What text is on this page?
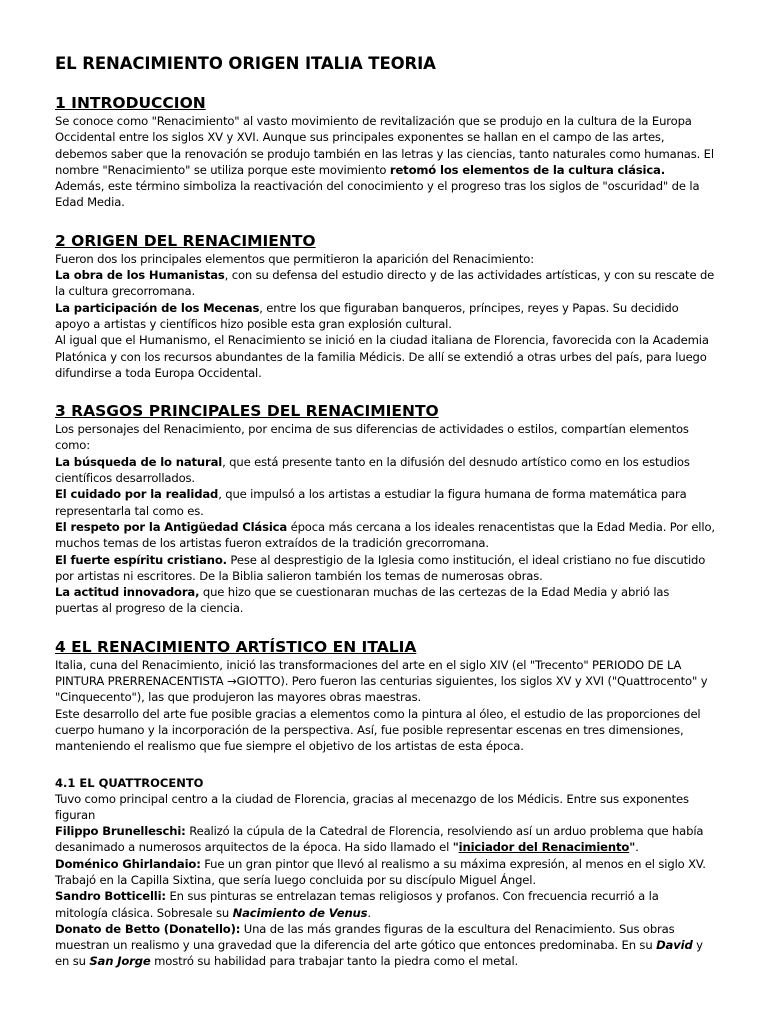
EL RENACIMIENTO ORIGEN ITALIA TEORIA
1 INTRODUCCION

Se conoce como "Renacimiento" al vasto movimiento de revitalización que se produjo en la cultura de la Europa Occidental entre los siglos XV y XVI. Aunque sus principales exponentes se hallan en el campo de las artes, debemos saber que la renovación se produjo también en las letras y las ciencias, tanto naturales como humanas. El nombre "Renacimiento" se utiliza porque este movimiento retomó los elementos de la cultura clásica.

Además, este término simboliza la reactivación del conocimiento y el progreso tras los siglos de "oscuridad" de la Edad Media.

2 ORIGEN DEL RENACIMIENTO

Fueron dos los principales elementos que permitieron la aparición del Renacimiento:

La obra de los Humanistas, con su defensa del estudio directo y de las actividades artísticas, y con su rescate de la cultura grecorromana.

La participación de los Mecenas, entre los que figuraban banqueros, príncipes, reyes y Papas. Su decidido apoyo a artistas y científicos hizo posible esta gran explosión cultural.

Al igual que el Humanismo, el Renacimiento se inició en la ciudad italiana de Florencia, favorecida con la Academia Platónica y con los recursos abundantes de la familia Médicis. De allí se extendió a otras urbes del país, para luego difundirse a toda Europa Occidental.

3 RASGOS PRINCIPALES DEL RENACIMIENTO

Los personajes del Renacimiento, por encima de sus diferencias de actividades o estilos, compartían elementos como:

La búsqueda de lo natural, que está presente tanto en la difusión del desnudo artístico como en los estudios científicos desarrollados.

El cuidado por la realidad, que impulsó a los artistas a estudiar la figura humana de forma matemática para representarla tal como es.

El respeto por la Antigüedad Clásica época más cercana a los ideales renacentistas que la Edad Media. Por ello, muchos temas de los artistas fueron extraídos de la tradición grecorromana.

El fuerte espíritu cristiano. Pese al desprestigio de la Iglesia como institución, el ideal cristiano no fue discutido por artistas ni escritores. De la Biblia salieron también los temas de numerosas obras.

La actitud innovadora, que hizo que se cuestionaran muchas de las certezas de la Edad Media y abrió las puertas al progreso de la ciencia.

4 EL RENACIMIENTO ARTÍSTICO EN ITALIA

Italia, cuna del Renacimiento, inició las transformaciones del arte en el siglo XIV (el "Trecento" PERIODO DE LA PINTURA PRERRENACENTISTA →GIOTTO). Pero fueron las centurias siguientes, los siglos XV y XVI ("Quattrocento" y "Cinquecento"), las que produjeron las mayores obras maestras.

Este desarrollo del arte fue posible gracias a elementos como la pintura al óleo, el estudio de las proporciones del cuerpo humano y la incorporación de la perspectiva. Así, fue posible representar escenas en tres dimensiones, manteniendo el realismo que fue siempre el objetivo de los artistas de esta época.

4.1 EL QUATTROCENTO

Tuvo como principal centro a la ciudad de Florencia, gracias al mecenazgo de los Médicis. Entre sus exponentes figuran

Filippo Brunelleschi: Realizó la cúpula de la Catedral de Florencia, resolviendo así un arduo problema que había desanimado a numerosos arquitectos de la época. Ha sido llamado el "iniciador del Renacimiento".

Doménico Ghirlandaio: Fue un gran pintor que llevó al realismo a su máxima expresión, al menos en el siglo XV. Trabajó en la Capilla Sixtina, que sería luego concluida por su discípulo Miguel Ángel.

Sandro Botticelli: En sus pinturas se entrelazan temas religiosos y profanos. Con frecuencia recurrió a la mitología clásica. Sobresale su Nacimiento de Venus.

Donato de Betto (Donatello): Una de las más grandes figuras de la escultura del Renacimiento. Sus obras muestran un realismo y una gravedad que la diferencia del arte gótico que entonces predominaba. En su David y en su San Jorge mostró su habilidad para trabajar tanto la piedra como el metal.
